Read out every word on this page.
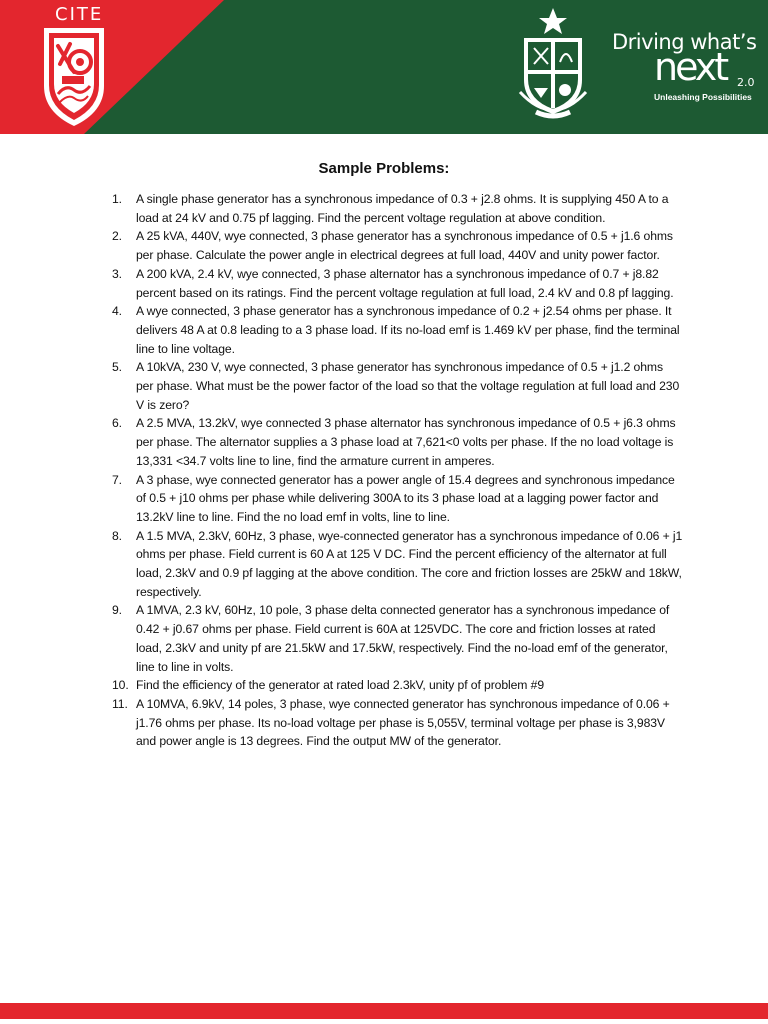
CITE
Driving what’s
next 2.0
Unleashing Possibilities
Sample Problems:
1. A single phase generator has a synchronous impedance of 0.3 + j2.8 ohms. It is supplying 450 A to a load at 24 kV and 0.75 pf lagging. Find the percent voltage regulation at above condition.
2. A 25 kVA, 440V, wye connected, 3 phase generator has a synchronous impedance of 0.5 + j1.6 ohms per phase. Calculate the power angle in electrical degrees at full load, 440V and unity power factor.
3. A 200 kVA, 2.4 kV, wye connected, 3 phase alternator has a synchronous impedance of 0.7 + j8.82 percent based on its ratings. Find the percent voltage regulation at full load, 2.4 kV and 0.8 pf lagging.
4. A wye connected, 3 phase generator has a synchronous impedance of 0.2 + j2.54 ohms per phase. It delivers 48 A at 0.8 leading to a 3 phase load. If its no-load emf is 1.469 kV per phase, find the terminal line to line voltage.
5. A 10kVA, 230 V, wye connected, 3 phase generator has synchronous impedance of 0.5 + j1.2 ohms per phase. What must be the power factor of the load so that the voltage regulation at full load and 230 V is zero?
6. A 2.5 MVA, 13.2kV, wye connected 3 phase alternator has synchronous impedance of 0.5 + j6.3 ohms per phase. The alternator supplies a 3 phase load at 7,621<0 volts per phase. If the no load voltage is 13,331 <34.7 volts line to line, find the armature current in amperes.
7. A 3 phase, wye connected generator has a power angle of 15.4 degrees and synchronous impedance of 0.5 + j10 ohms per phase while delivering 300A to its 3 phase load at a lagging power factor and 13.2kV line to line. Find the no load emf in volts, line to line.
8. A 1.5 MVA, 2.3kV, 60Hz, 3 phase, wye-connected generator has a synchronous impedance of 0.06 + j1 ohms per phase. Field current is 60 A at 125 V DC. Find the percent efficiency of the alternator at full load, 2.3kV and 0.9 pf lagging at the above condition. The core and friction losses are 25kW and 18kW, respectively.
9. A 1MVA, 2.3 kV, 60Hz, 10 pole, 3 phase delta connected generator has a synchronous impedance of 0.42 + j0.67 ohms per phase. Field current is 60A at 125VDC. The core and friction losses at rated load, 2.3kV and unity pf are 21.5kW and 17.5kW, respectively. Find the no-load emf of the generator, line to line in volts.
10. Find the efficiency of the generator at rated load 2.3kV, unity pf of problem #9
11. A 10MVA, 6.9kV, 14 poles, 3 phase, wye connected generator has synchronous impedance of 0.06 + j1.76 ohms per phase. Its no-load voltage per phase is 5,055V, terminal voltage per phase is 3,983V and power angle is 13 degrees. Find the output MW of the generator.
